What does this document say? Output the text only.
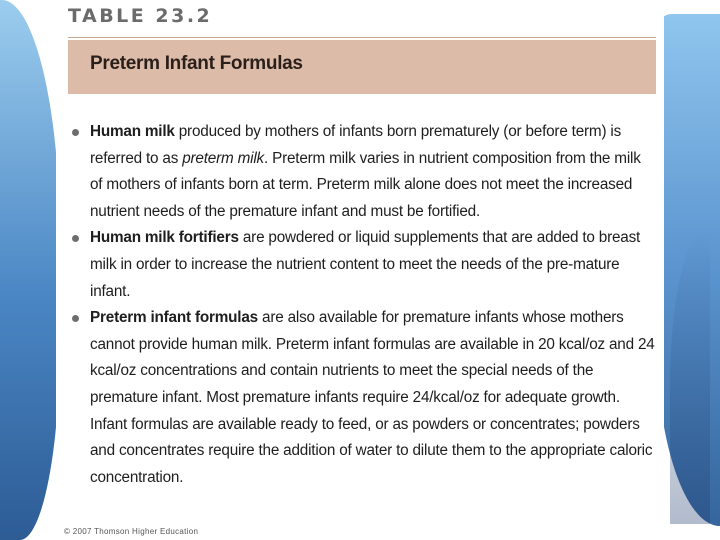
TABLE 23.2
Preterm Infant Formulas

Human milk produced by mothers of infants born prematurely (or before term) is referred to as preterm milk. Preterm milk varies in nutrient composition from the milk of mothers of infants born at term. Preterm milk alone does not meet the increased nutrient needs of the premature infant and must be fortified.

Human milk fortifiers are powdered or liquid supplements that are added to breast milk in order to increase the nutrient content to meet the needs of the pre-mature infant.

Preterm infant formulas are also available for premature infants whose mothers cannot provide human milk. Preterm infant formulas are available in 20 kcal/oz and 24 kcal/oz concentrations and contain nutrients to meet the special needs of the premature infant. Most premature infants require 24/kcal/oz for adequate growth. Infant formulas are available ready to feed, or as powders or concentrates; powders and concentrates require the addition of water to dilute them to the appropriate caloric concentration.

© 2007 Thomson Higher Education
